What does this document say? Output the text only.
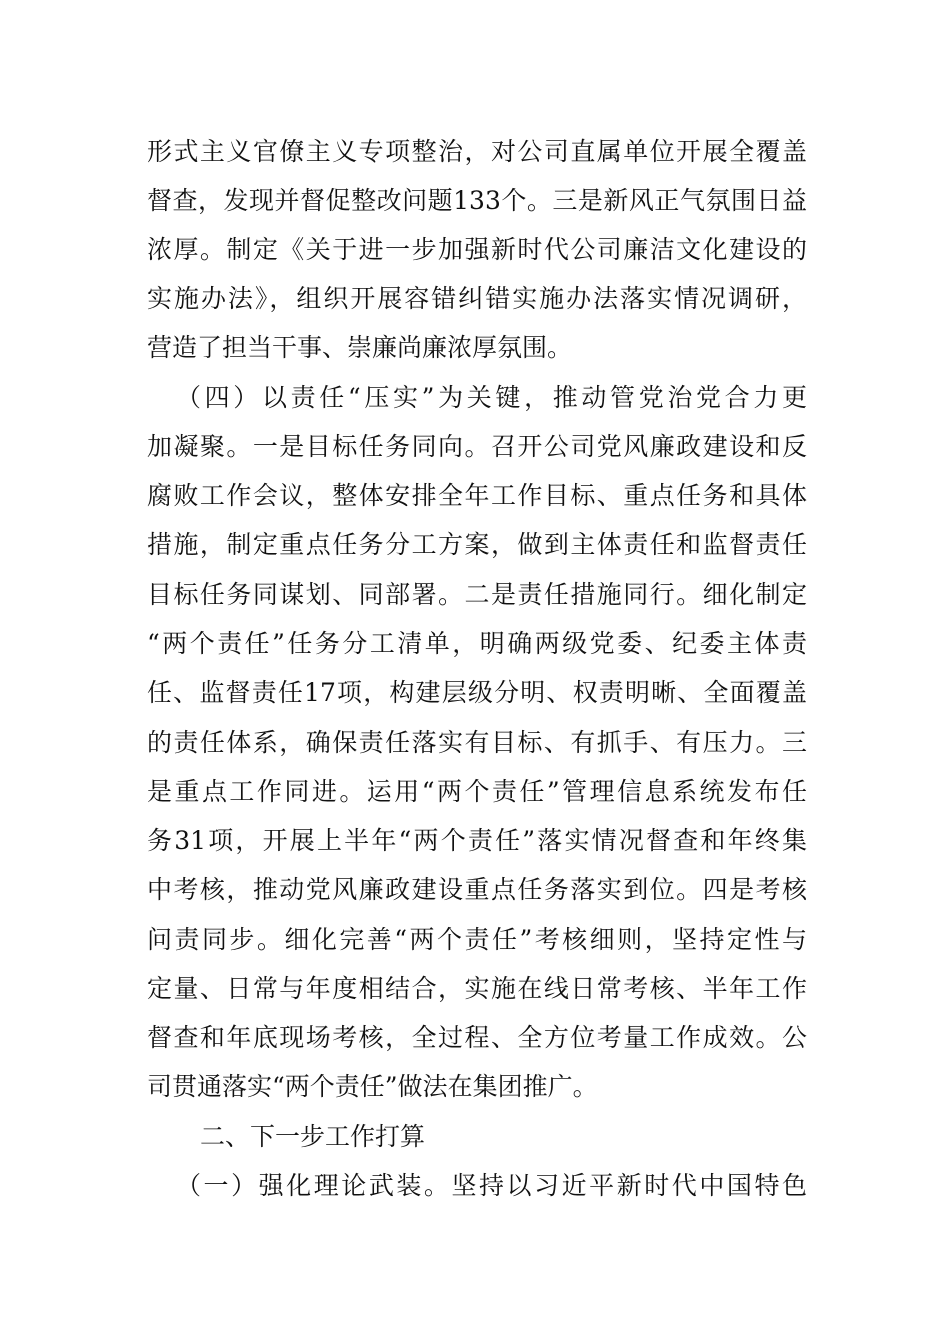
形式主义官僚主义专项整治，对公司直属单位开展全覆盖
督查，发现并督促整改问题133个。三是新风正气氛围日益
浓厚。制定《关于进一步加强新时代公司廉洁文化建设的
实施办法》，组织开展容错纠错实施办法落实情况调研，
营造了担当干事、崇廉尚廉浓厚氛围。
（四）以责任“压实”为关键，推动管党治党合力更
加凝聚。一是目标任务同向。召开公司党风廉政建设和反
腐败工作会议，整体安排全年工作目标、重点任务和具体
措施，制定重点任务分工方案，做到主体责任和监督责任
目标任务同谋划、同部署。二是责任措施同行。细化制定
“两个责任”任务分工清单，明确两级党委、纪委主体责
任、监督责任17项，构建层级分明、权责明晰、全面覆盖
的责任体系，确保责任落实有目标、有抓手、有压力。三
是重点工作同进。运用“两个责任”管理信息系统发布任
务31项，开展上半年“两个责任”落实情况督查和年终集
中考核，推动党风廉政建设重点任务落实到位。四是考核
问责同步。细化完善“两个责任”考核细则，坚持定性与
定量、日常与年度相结合，实施在线日常考核、半年工作
督查和年底现场考核，全过程、全方位考量工作成效。公
司贯通落实“两个责任”做法在集团推广。
二、下一步工作打算
（一）强化理论武装。坚持以习近平新时代中国特色
